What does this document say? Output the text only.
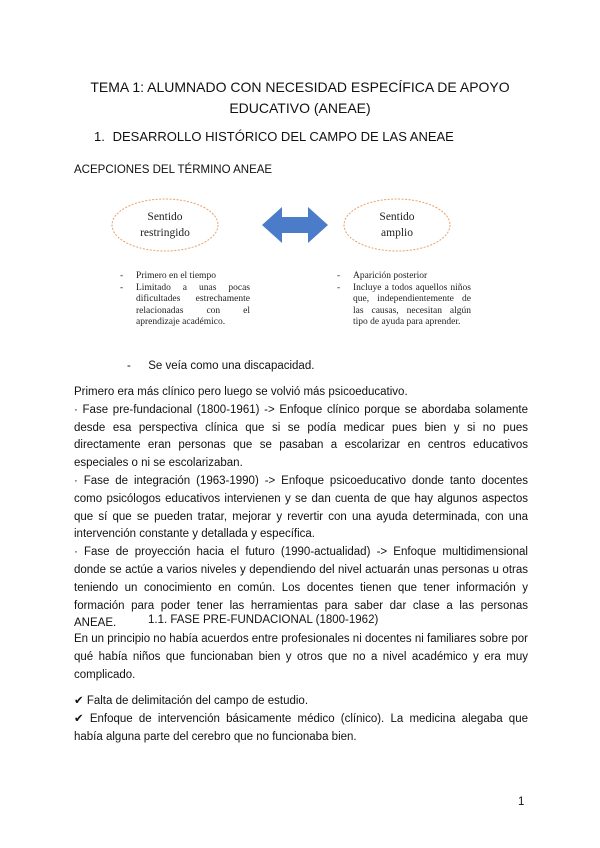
TEMA 1: ALUMNADO CON NECESIDAD ESPECÍFICA DE APOYO
EDUCATIVO (ANEAE)
1. DESARROLLO HISTÓRICO DEL CAMPO DE LAS ANEAE
ACEPCIONES DEL TÉRMINO ANEAE
Sentido
restringido
Sentido
amplio
- Primero en el tiempo
- Limitado a unas pocas dificultades estrechamente relacionadas con el aprendizaje académico.
- Aparición posterior
- Incluye a todos aquellos niños que, independientemente de las causas, necesitan algún tipo de ayuda para aprender.
- Se veía como una discapacidad.
Primero era más clínico pero luego se volvió más psicoeducativo.
· Fase pre-fundacional (1800-1961) -> Enfoque clínico porque se abordaba solamente desde esa perspectiva clínica que si se podía medicar pues bien y si no pues directamente eran personas que se pasaban a escolarizar en centros educativos especiales o ni se escolarizaban.
· Fase de integración (1963-1990) -> Enfoque psicoeducativo donde tanto docentes como psicólogos educativos intervienen y se dan cuenta de que hay algunos aspectos que sí que se pueden tratar, mejorar y revertir con una ayuda determinada, con una intervención constante y detallada y específica.
· Fase de proyección hacia el futuro (1990-actualidad) -> Enfoque multidimensional donde se actúe a varios niveles y dependiendo del nivel actuarán unas personas u otras teniendo un conocimiento en común. Los docentes tienen que tener información y formación para poder tener las herramientas para saber dar clase a las personas ANEAE.	1.1. FASE PRE-FUNDACIONAL (1800-1962)
En un principio no había acuerdos entre profesionales ni docentes ni familiares sobre por qué había niños que funcionaban bien y otros que no a nivel académico y era muy complicado.
✔ Falta de delimitación del campo de estudio.
✔ Enfoque de intervención básicamente médico (clínico). La medicina alegaba que había alguna parte del cerebro que no funcionaba bien.
1
